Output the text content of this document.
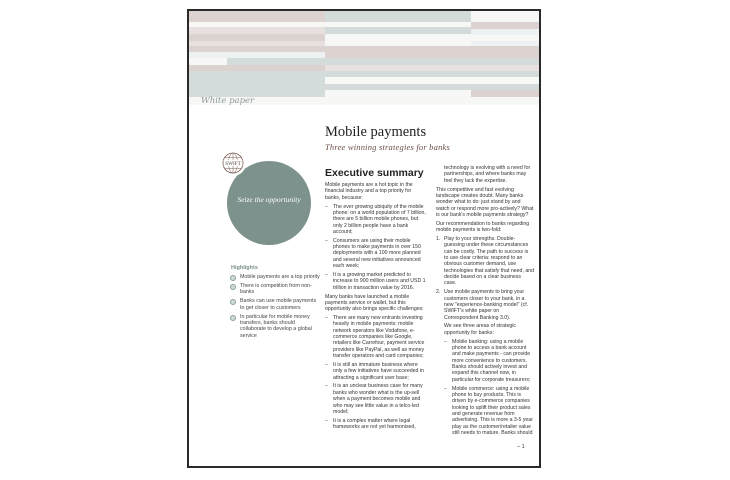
White paper
Mobile payments
Three winning strategies for banks
Seize the opportunity
SWIFT
Highlights
Mobile payments are a top priority
There is competition from non-banks
Banks can use mobile payments to get closer to customers
In particular for mobile money transfers, banks should collaborate to develop a global service
Executive summary

Mobile payments are a hot topic in the financial industry and a top priority for banks, because:

– The ever growing ubiquity of the mobile phone: on a world population of 7 billion, there are 5 billion mobile phones, but only 2 billion people have a bank account;

– Consumers are using their mobile phones to make payments in over 150 deployments with a 100 more planned and several new initiatives announced each week;

– It is a growing market predicted to increase to 900 million users and USD 1 trillion in transaction value by 2016.

Many banks have launched a mobile payments service or wallet, but this opportunity also brings specific challenges:

– There are many new entrants investing heavily in mobile payments: mobile network operators like Vodafone, e-commerce companies like Google, retailers like Carrefour, payment service providers like PayPal, as well as money transfer operators and card companies;

– It is still an immature business where only a few initiatives have succeeded in attracting a significant user base;

– It is an unclear business case for many banks who wonder what is the up-sell when a payment becomes mobile and who may see little value in a telco-led model;

– It is a complex matter where legal frameworks are not yet harmonised,

technology is evolving with a need for partnerships, and where banks may feel they lack the expertise.

This competitive and fast evolving landscape creates doubt. Many banks wonder what to do: just stand by and watch or respond more pro-actively? What is our bank's mobile payments strategy?

Our recommendation to banks regarding mobile payments is two-fold:

1. Play to your strengths. Double-guessing under these circumstances can be costly. The path to success is to use clear criteria: respond to an obvious customer demand, use technologies that satisfy that need, and decide based on a clear business case.
2. Use mobile payments to bring your customers closer to your bank, in a new "experience-banking model" (cf. SWIFT's white paper on Correspondent Banking 3.0).

We see three areas of strategic opportunity for banks:

– Mobile banking: using a mobile phone to access a bank account and make payments - can provide more convenience to customers. Banks should actively invest and expand this channel now, in particular for corporate treasurers;

– Mobile commerce: using a mobile phone to buy products. This is driven by e-commerce companies looking to uplift their product sales and generate revenue from advertising. This is more a 3-5 year play as the customer/retailer value still needs to mature. Banks should

– 1
